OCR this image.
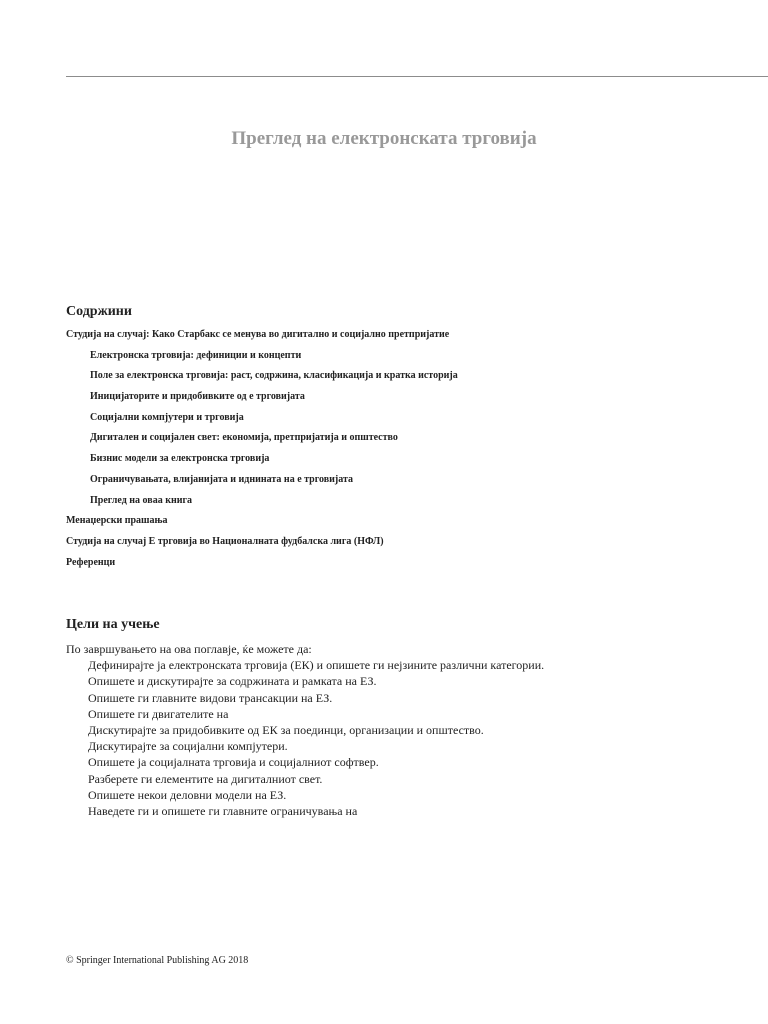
Преглед на електронската трговија
Содржини
Студија на случај: Како Старбакс се менува во дигитално и социјално претпријатие
Електронска трговија: дефиниции и концепти
Поле за електронска трговија: раст, содржина, класификација и кратка историја
Иницијаторите и придобивките од е трговијата
Социјални компјутери и трговија
Дигитален и социјален свет: економија, претпријатија и општество
Бизнис модели за електронска трговија
Ограничувањата, влијанијата и иднината на е трговијата
Преглед на оваа книга
Менаџерски прашања
Студија на случај Е трговија во Националната фудбалска лига (НФЛ)
Референци
Цели на учење
По завршувањето на ова поглавје, ќе можете да:
Дефинирајте ја електронската трговија (ЕК) и опишете ги нејзините различни категории.
Опишете и дискутирајте за содржината и рамката на ЕЗ.
Опишете ги главните видови трансакции на ЕЗ.
Опишете ги двигателите на
Дискутирајте за придобивките од ЕК за поединци, организации и општество.
Дискутирајте за социјални компјутери.
Опишете ја социјалната трговија и социјалниот софтвер.
Разберете ги елементите на дигиталниот свет.
Опишете некои деловни модели на ЕЗ.
Наведете ги и опишете ги главните ограничувања на
© Springer International Publishing AG 2018
